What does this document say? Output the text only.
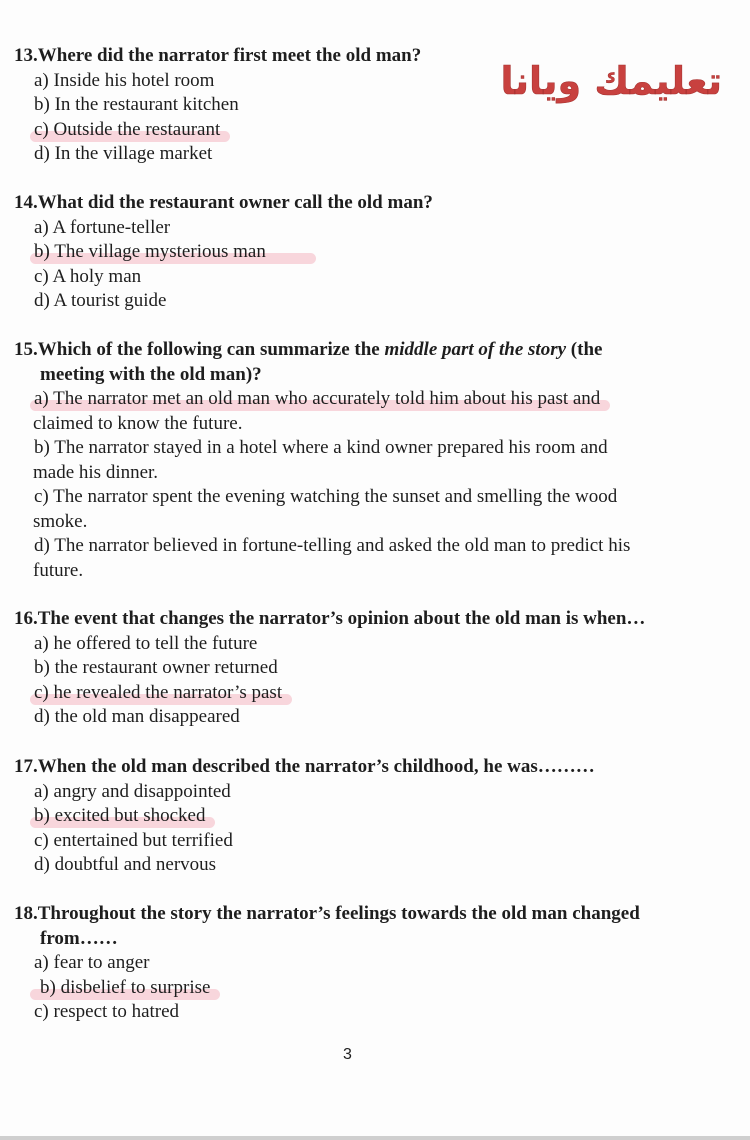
تعليمك ويانا
13.Where did the narrator first meet the old man?
a) Inside his hotel room
b) In the restaurant kitchen
c) Outside the restaurant
d) In the village market
14.What did the restaurant owner call the old man?
a) A fortune-teller
b) The village mysterious man
c) A holy man
d) A tourist guide
15.Which of the following can summarize the middle part of the story (the
meeting with the old man)?
a) The narrator met an old man who accurately told him about his past and
claimed to know the future.
b) The narrator stayed in a hotel where a kind owner prepared his room and
made his dinner.
c) The narrator spent the evening watching the sunset and smelling the wood
smoke.
d) The narrator believed in fortune-telling and asked the old man to predict his
future.
16.The event that changes the narrator’s opinion about the old man is when…
a) he offered to tell the future
b) the restaurant owner returned
c) he revealed the narrator’s past
d) the old man disappeared
17.When the old man described the narrator’s childhood, he was………
a) angry and disappointed
b) excited but shocked
c) entertained but terrified
d) doubtful and nervous
18.Throughout the story the narrator’s feelings towards the old man changed
from……
a) fear to anger
b) disbelief to surprise
c) respect to hatred
3
